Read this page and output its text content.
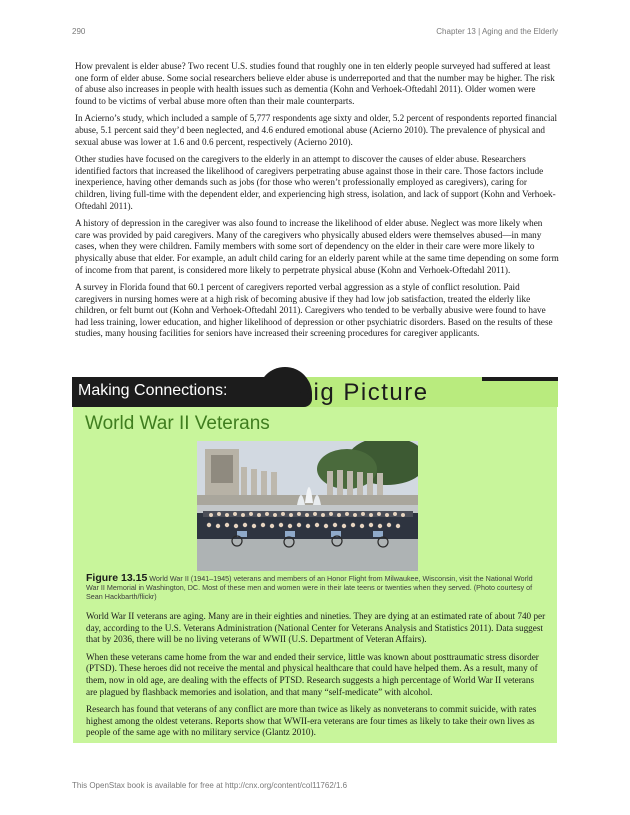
290	Chapter 13 | Aging and the Elderly

How prevalent is elder abuse? Two recent U.S. studies found that roughly one in ten elderly people surveyed had suffered at least one form of elder abuse. Some social researchers believe elder abuse is underreported and that the number may be higher. The risk of abuse also increases in people with health issues such as dementia (Kohn and Verhoek-Oftedahl 2011). Older women were found to be victims of verbal abuse more often than their male counterparts.

In Acierno’s study, which included a sample of 5,777 respondents age sixty and older, 5.2 percent of respondents reported financial abuse, 5.1 percent said they’d been neglected, and 4.6 endured emotional abuse (Acierno 2010). The prevalence of physical and sexual abuse was lower at 1.6 and 0.6 percent, respectively (Acierno 2010).

Other studies have focused on the caregivers to the elderly in an attempt to discover the causes of elder abuse. Researchers identified factors that increased the likelihood of caregivers perpetrating abuse against those in their care. Those factors include inexperience, having other demands such as jobs (for those who weren’t professionally employed as caregivers), caring for children, living full-time with the dependent elder, and experiencing high stress, isolation, and lack of support (Kohn and Verhoek-Oftedahl 2011).

A history of depression in the caregiver was also found to increase the likelihood of elder abuse. Neglect was more likely when care was provided by paid caregivers. Many of the caregivers who physically abused elders were themselves abused—in many cases, when they were children. Family members with some sort of dependency on the elder in their care were more likely to physically abuse that elder. For example, an adult child caring for an elderly parent while at the same time depending on some form of income from that parent, is considered more likely to perpetrate physical abuse (Kohn and Verhoek-Oftedahl 2011).

A survey in Florida found that 60.1 percent of caregivers reported verbal aggression as a style of conflict resolution. Paid caregivers in nursing homes were at a high risk of becoming abusive if they had low job satisfaction, treated the elderly like children, or felt burnt out (Kohn and Verhoek-Oftedahl 2011). Caregivers who tended to be verbally abusive were found to have had less training, lower education, and higher likelihood of depression or other psychiatric disorders. Based on the results of these studies, many housing facilities for seniors have increased their screening procedures for caregiver applicants.

Making Connections:
the
Big Picture
World War II Veterans
Figure 13.15 World War II (1941–1945) veterans and members of an Honor Flight from Milwaukee, Wisconsin, visit the National World War II Memorial in Washington, DC. Most of these men and women were in their late teens or twenties when they served. (Photo courtesy of Sean Hackbarth/flickr)

World War II veterans are aging. Many are in their eighties and nineties. They are dying at an estimated rate of about 740 per day, according to the U.S. Veterans Administration (National Center for Veterans Analysis and Statistics 2011). Data suggest that by 2036, there will be no living veterans of WWII (U.S. Department of Veteran Affairs).

When these veterans came home from the war and ended their service, little was known about posttraumatic stress disorder (PTSD). These heroes did not receive the mental and physical healthcare that could have helped them. As a result, many of them, now in old age, are dealing with the effects of PTSD. Research suggests a high percentage of World War II veterans are plagued by flashback memories and isolation, and that many “self-medicate” with alcohol.

Research has found that veterans of any conflict are more than twice as likely as nonveterans to commit suicide, with rates highest among the oldest veterans. Reports show that WWII-era veterans are four times as likely to take their own lives as people of the same age with no military service (Glantz 2010).

This OpenStax book is available for free at http://cnx.org/content/col11762/1.6
